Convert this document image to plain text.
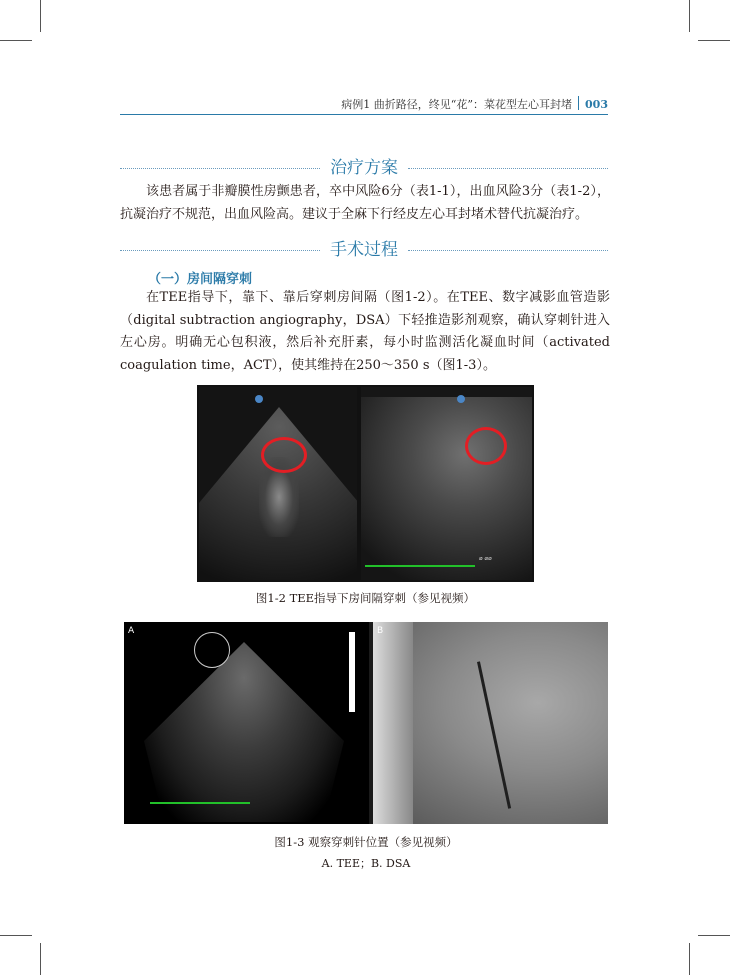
病例1 曲折路径，终见“花”：菜花型左心耳封堵 003
治疗方案

该患者属于非瓣膜性房颤患者，卒中风险6分（表1-1），出血风险3分（表1-2），抗凝治疗不规范，出血风险高。建议于全麻下行经皮左心耳封堵术替代抗凝治疗。

手术过程
（一）房间隔穿刺

在TEE指导下，靠下、靠后穿刺房间隔（图1-2）。在TEE、数字减影血管造影（digital subtraction angiography，DSA）下轻推造影剂观察，确认穿刺针进入左心房。明确无心包积液，然后补充肝素，每小时监测活化凝血时间（activated coagulation time，ACT），使其维持在250～350 s（图1-3）。

⌀ ⌀⌀
图1-2 TEE指导下房间隔穿刺（参见视频）
A	B
图1-3 观察穿刺针位置（参见视频）
A. TEE；B. DSA
